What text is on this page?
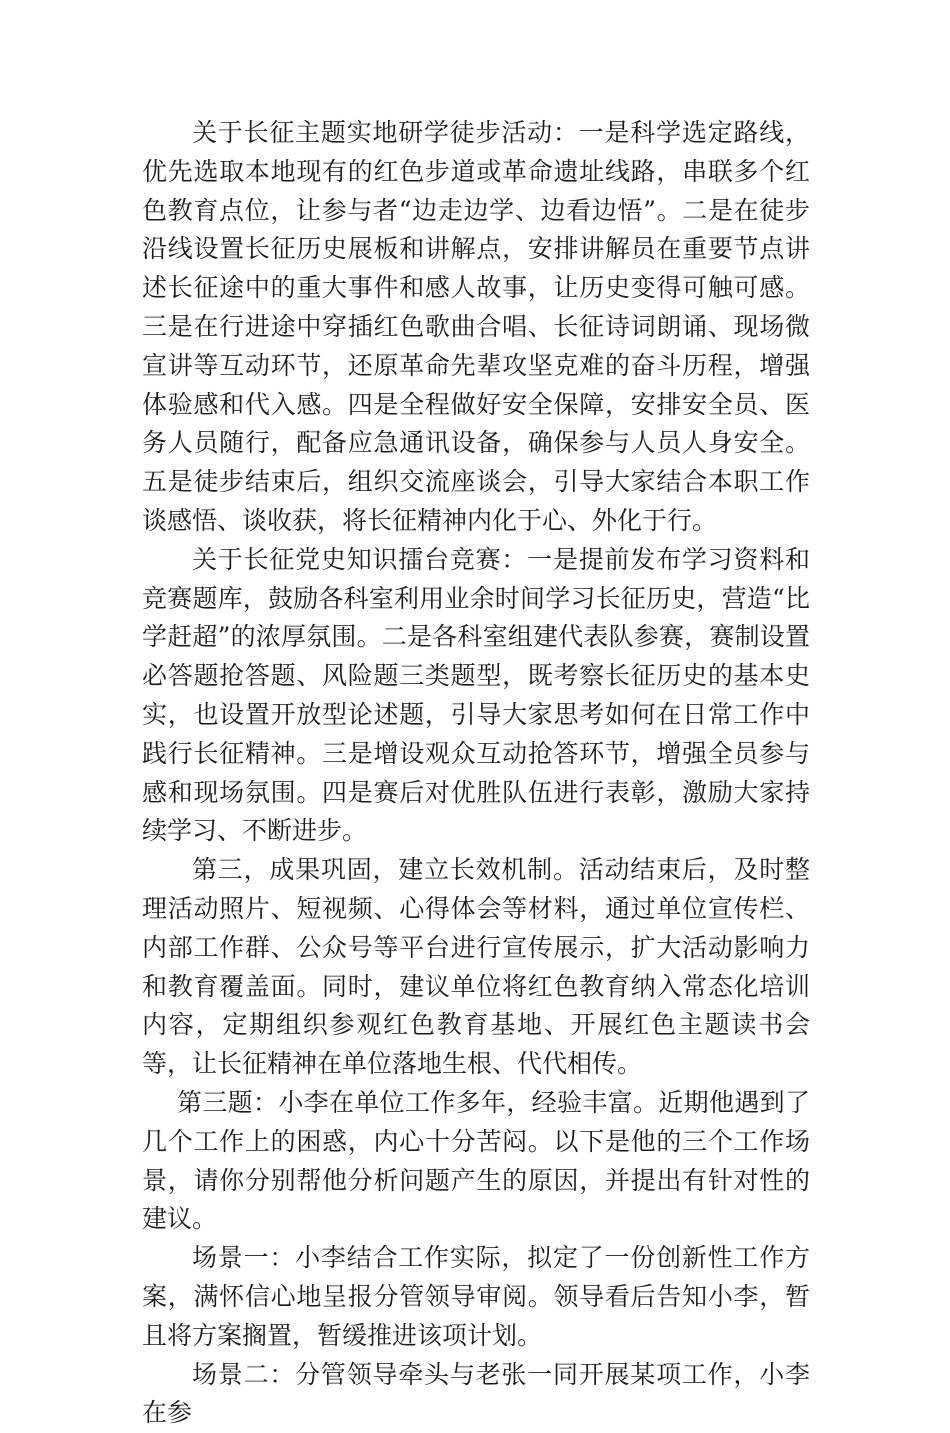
关于长征主题实地研学徒步活动：一是科学选定路线，优先选取本地现有的红色步道或革命遗址线路，串联多个红色教育点位，让参与者“边走边学、边看边悟”。二是在徒步沿线设置长征历史展板和讲解点，安排讲解员在重要节点讲述长征途中的重大事件和感人故事，让历史变得可触可感。三是在行进途中穿插红色歌曲合唱、长征诗词朗诵、现场微宣讲等互动环节，还原革命先辈攻坚克难的奋斗历程，增强体验感和代入感。四是全程做好安全保障，安排安全员、医务人员随行，配备应急通讯设备，确保参与人员人身安全。五是徒步结束后，组织交流座谈会，引导大家结合本职工作谈感悟、谈收获，将长征精神内化于心、外化于行。

关于长征党史知识擂台竞赛：一是提前发布学习资料和竞赛题库，鼓励各科室利用业余时间学习长征历史，营造“比学赶超”的浓厚氛围。二是各科室组建代表队参赛，赛制设置必答题抢答题、风险题三类题型，既考察长征历史的基本史实，也设置开放型论述题，引导大家思考如何在日常工作中践行长征精神。三是增设观众互动抢答环节，增强全员参与感和现场氛围。四是赛后对优胜队伍进行表彰，激励大家持续学习、不断进步。

第三，成果巩固，建立长效机制。活动结束后，及时整理活动照片、短视频、心得体会等材料，通过单位宣传栏、内部工作群、公众号等平台进行宣传展示，扩大活动影响力和教育覆盖面。同时，建议单位将红色教育纳入常态化培训内容，定期组织参观红色教育基地、开展红色主题读书会等，让长征精神在单位落地生根、代代相传。

第三题：小李在单位工作多年，经验丰富。近期他遇到了几个工作上的困惑，内心十分苦闷。以下是他的三个工作场景，请你分别帮他分析问题产生的原因，并提出有针对性的建议。

场景一：小李结合工作实际，拟定了一份创新性工作方案，满怀信心地呈报分管领导审阅。领导看后告知小李，暂且将方案搁置，暂缓推进该项计划。

场景二：分管领导牵头与老张一同开展某项工作，小李在参
